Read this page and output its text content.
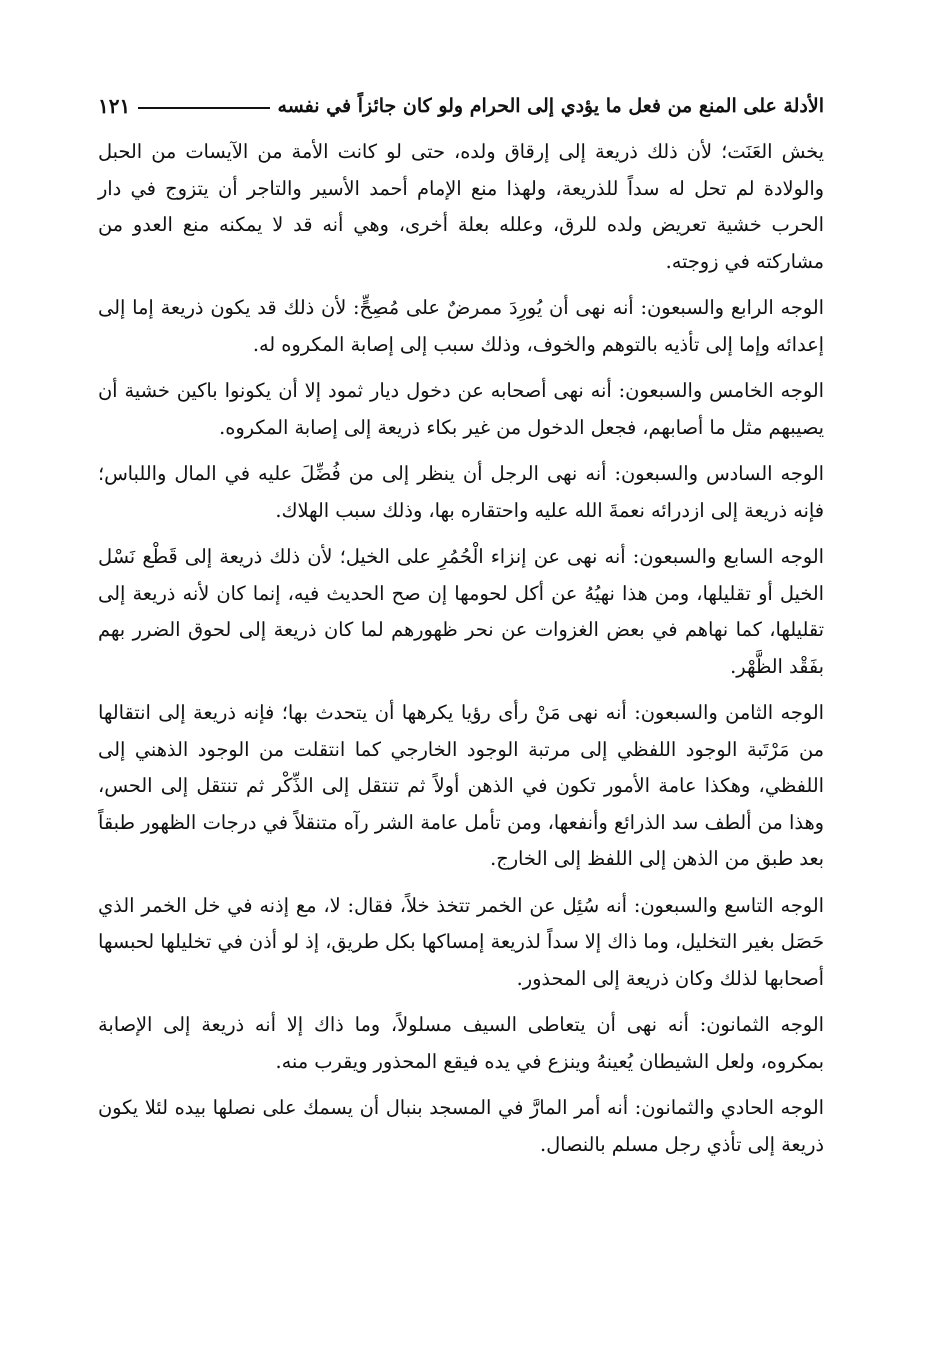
الأدلة على المنع من فعل ما يؤدي إلى الحرام ولو كان جائزاً في نفسه
١٢١

يخش العَنَت؛ لأن ذلك ذريعة إلى إرقاق ولده، حتى لو كانت الأمة من الآيسات من الحبل والولادة لم تحل له سداً للذريعة، ولهذا منع الإمام أحمد الأسير والتاجر أن يتزوج في دار الحرب خشية تعريض ولده للرق، وعلله بعلة أخرى، وهي أنه قد لا يمكنه منع العدو من مشاركته في زوجته.

الوجه الرابع والسبعون: أنه نهى أن يُورِدَ ممرضٌ على مُصِحٍّ: لأن ذلك قد يكون ذريعة إما إلى إعدائه وإما إلى تأذيه بالتوهم والخوف، وذلك سبب إلى إصابة المكروه له.

الوجه الخامس والسبعون: أنه نهى أصحابه عن دخول ديار ثمود إلا أن يكونوا باكين خشية أن يصيبهم مثل ما أصابهم، فجعل الدخول من غير بكاء ذريعة إلى إصابة المكروه.

الوجه السادس والسبعون: أنه نهى الرجل أن ينظر إلى من فُضِّلَ عليه في المال واللباس؛ فإنه ذريعة إلى ازدرائه نعمةَ الله عليه واحتقاره بها، وذلك سبب الهلاك.

الوجه السابع والسبعون: أنه نهى عن إنزاء الْحُمُرِ على الخيل؛ لأن ذلك ذريعة إلى قَطْع نَسْل الخيل أو تقليلها، ومن هذا نهيُهُ عن أكل لحومها إن صح الحديث فيه، إنما كان لأنه ذريعة إلى تقليلها، كما نهاهم في بعض الغزوات عن نحر ظهورهم لما كان ذريعة إلى لحوق الضرر بهم بفَقْد الظَّهْر.

الوجه الثامن والسبعون: أنه نهى مَنْ رأى رؤيا يكرهها أن يتحدث بها؛ فإنه ذريعة إلى انتقالها من مَرْتَبة الوجود اللفظي إلى مرتبة الوجود الخارجي كما انتقلت من الوجود الذهني إلى اللفظي، وهكذا عامة الأمور تكون في الذهن أولاً ثم تنتقل إلى الذِّكْر ثم تنتقل إلى الحس، وهذا من ألطف سد الذرائع وأنفعها، ومن تأمل عامة الشر رآه متنقلاً في درجات الظهور طبقاً بعد طبق من الذهن إلى اللفظ إلى الخارج.

الوجه التاسع والسبعون: أنه سُئِل عن الخمر تتخذ خلاً، فقال: لا، مع إذنه في خل الخمر الذي حَصَل بغير التخليل، وما ذاك إلا سداً لذريعة إمساكها بكل طريق، إذ لو أذن في تخليلها لحبسها أصحابها لذلك وكان ذريعة إلى المحذور.

الوجه الثمانون: أنه نهى أن يتعاطى السيف مسلولاً، وما ذاك إلا أنه ذريعة إلى الإصابة بمكروه، ولعل الشيطان يُعينهُ وينزع في يده فيقع المحذور ويقرب منه.

الوجه الحادي والثمانون: أنه أمر المارَّ في المسجد بنبال أن يسمك على نصلها بيده لئلا يكون ذريعة إلى تأذي رجل مسلم بالنصال.
